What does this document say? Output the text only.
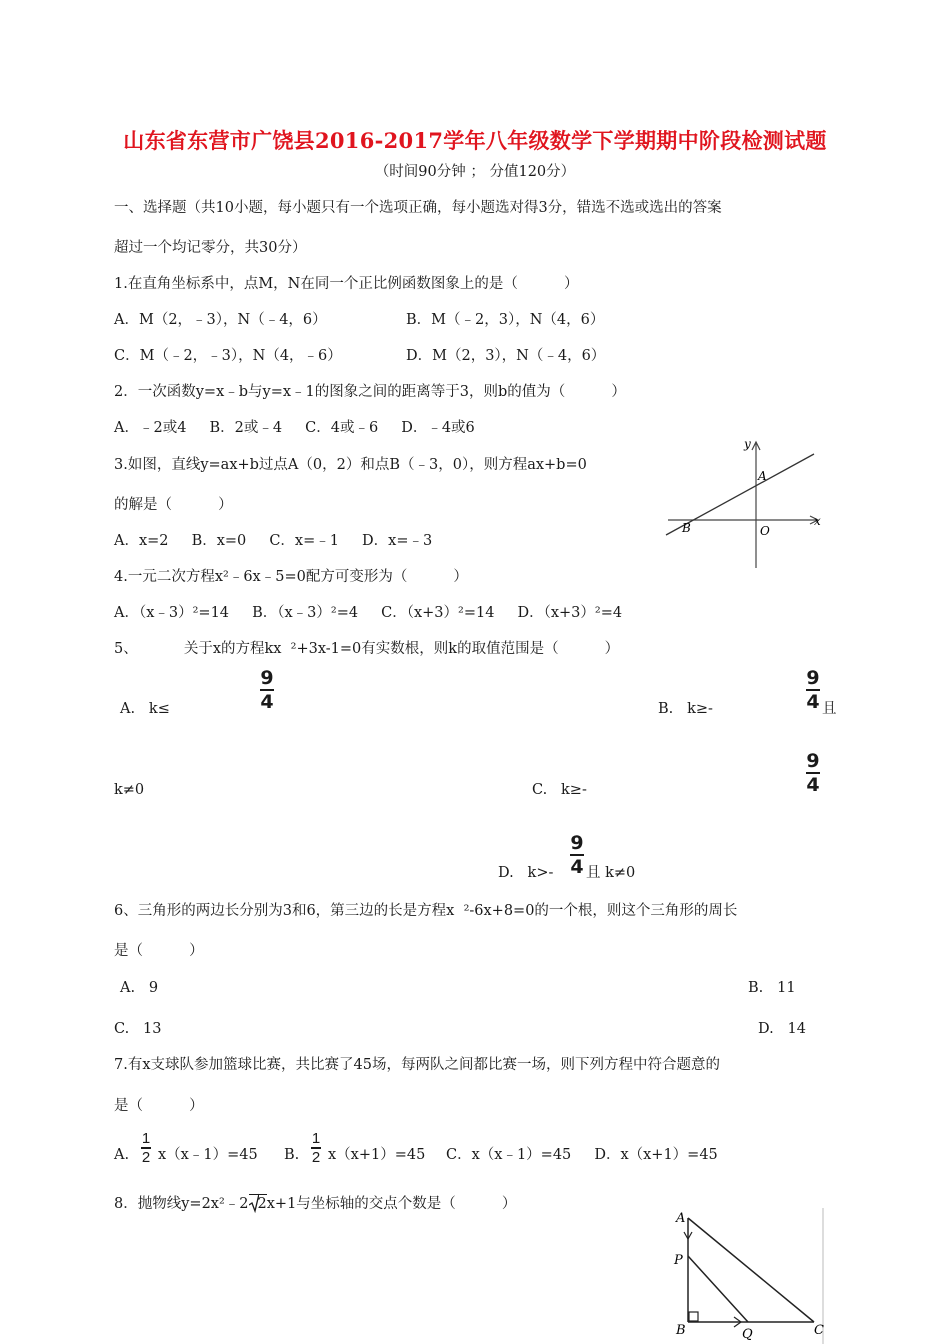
山东省东营市广饶县2016-2017学年八年级数学下学期期中阶段检测试题
（时间90分钟 ； 分值120分）
一、选择题（共10小题，每小题只有一个选项正确，每小题选对得3分，错选不选或选出的答案
超过一个均记零分，共30分）
1.在直角坐标系中，点M，N在同一个正比例函数图象上的是（          ）
A．M（2，﹣3），N（﹣4，6）	B．M（﹣2，3），N（4，6）
C．M（﹣2，﹣3），N（4，﹣6）	D．M（2，3），N（﹣4，6）
2．一次函数y=x﹣b与y=x﹣1的图象之间的距离等于3，则b的值为（          ）
A．﹣2或4     B．2或﹣4     C．4或﹣6     D．﹣4或6
3.如图，直线y=ax+b过点A（0，2）和点B（﹣3，0），则方程ax+b=0
的解是（          ）
A．x=2     B．x=0     C．x=﹣1     D．x=﹣3
y
x
A
B	O
4.一元二次方程x²﹣6x﹣5=0配方可变形为（          ）
A．（x﹣3）²=14     B．（x﹣3）²=4     C．（x+3）²=14     D．（x+3）²=4
5、          关于x的方程kx  ²+3x-1=0有实数根，则k的取值范围是（          ）
A.   k≤
9
4	B.   k≥-
9
4 且
k≠0	C.   k≥-
9
4
D.   k>-
9
4 且 k≠0
6、三角形的两边长分别为3和6，第三边的长是方程x  ²-6x+8=0的一个根，则这个三角形的周长
是（          ）
A.   9	B.   11
C.   13	D.   14
7.有x支球队参加篮球比赛，共比赛了45场，每两队之间都比赛一场，则下列方程中符合题意的
是（          ）
A.
1
2 x（x﹣1）=45 B.
1
2 x（x+1）=45 C．x（x﹣1）=45     D．x（x+1）=45
8．抛物线y=2x²﹣2 2x+1与坐标轴的交点个数是（          ）
A
P
B	Q	C
